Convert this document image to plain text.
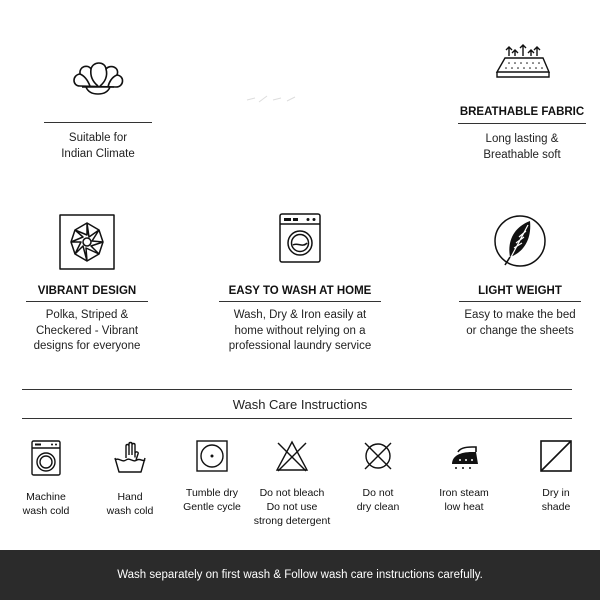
Suitable for
Indian Climate
BREATHABLE FABRIC
Long lasting &
Breathable soft
VIBRANT DESIGN
Polka, Striped &
Checkered - Vibrant
designs for everyone
EASY TO WASH AT HOME
Wash, Dry & Iron easily at
home without relying on a
professional laundry service
LIGHT WEIGHT
Easy to make the bed
or change the sheets
Wash Care Instructions
Machine
wash cold
Hand
wash cold
Tumble dry
Gentle cycle
Do not bleach
Do not use
strong detergent
Do not
dry clean
Iron steam
low heat
Dry in
shade
Wash separately on first wash & Follow wash care instructions carefully.
